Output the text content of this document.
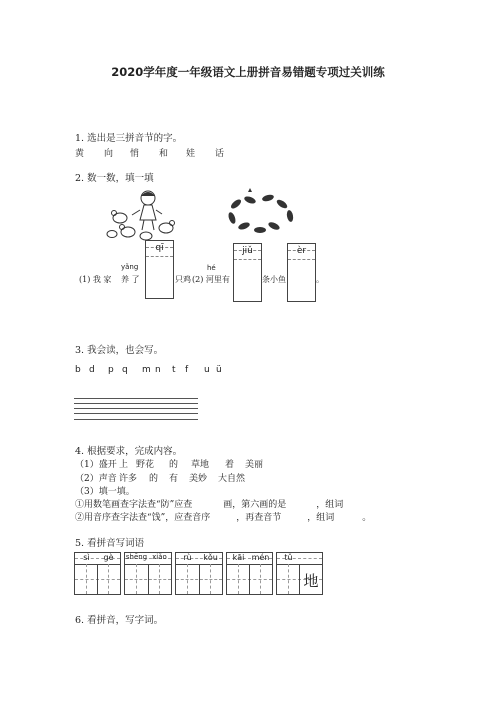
2020学年度一年级语文上册拼音易错题专项过关训练
1. 选出是三拼音节的字。
黄 向 悄 和 娃 话
2. 数一数，填一填
qī	jiǔ	èr
yǎng	hé
(1) 我 家 养 了	只鸡 (2) 河里有	条小鱼	。
3. 我会读，也会写。
b d p q m n t f u ü
4. 根据要求，完成内容。
（1）盛开 上 野花 的 草地 着 美丽
（2）声音 许多 的 有 美妙 大自然
（3）填一填。
①用数笔画查字法查“防”应查	画，第六画的是	，组词
②用音序查字法查“饯”，应查音序	，再查音节	，组词	。
5. 看拼音写词语
sì	gè	shēng xiǎo	rù	kǒu	kāi mén	tǔ
地
6. 看拼音，写字词。
